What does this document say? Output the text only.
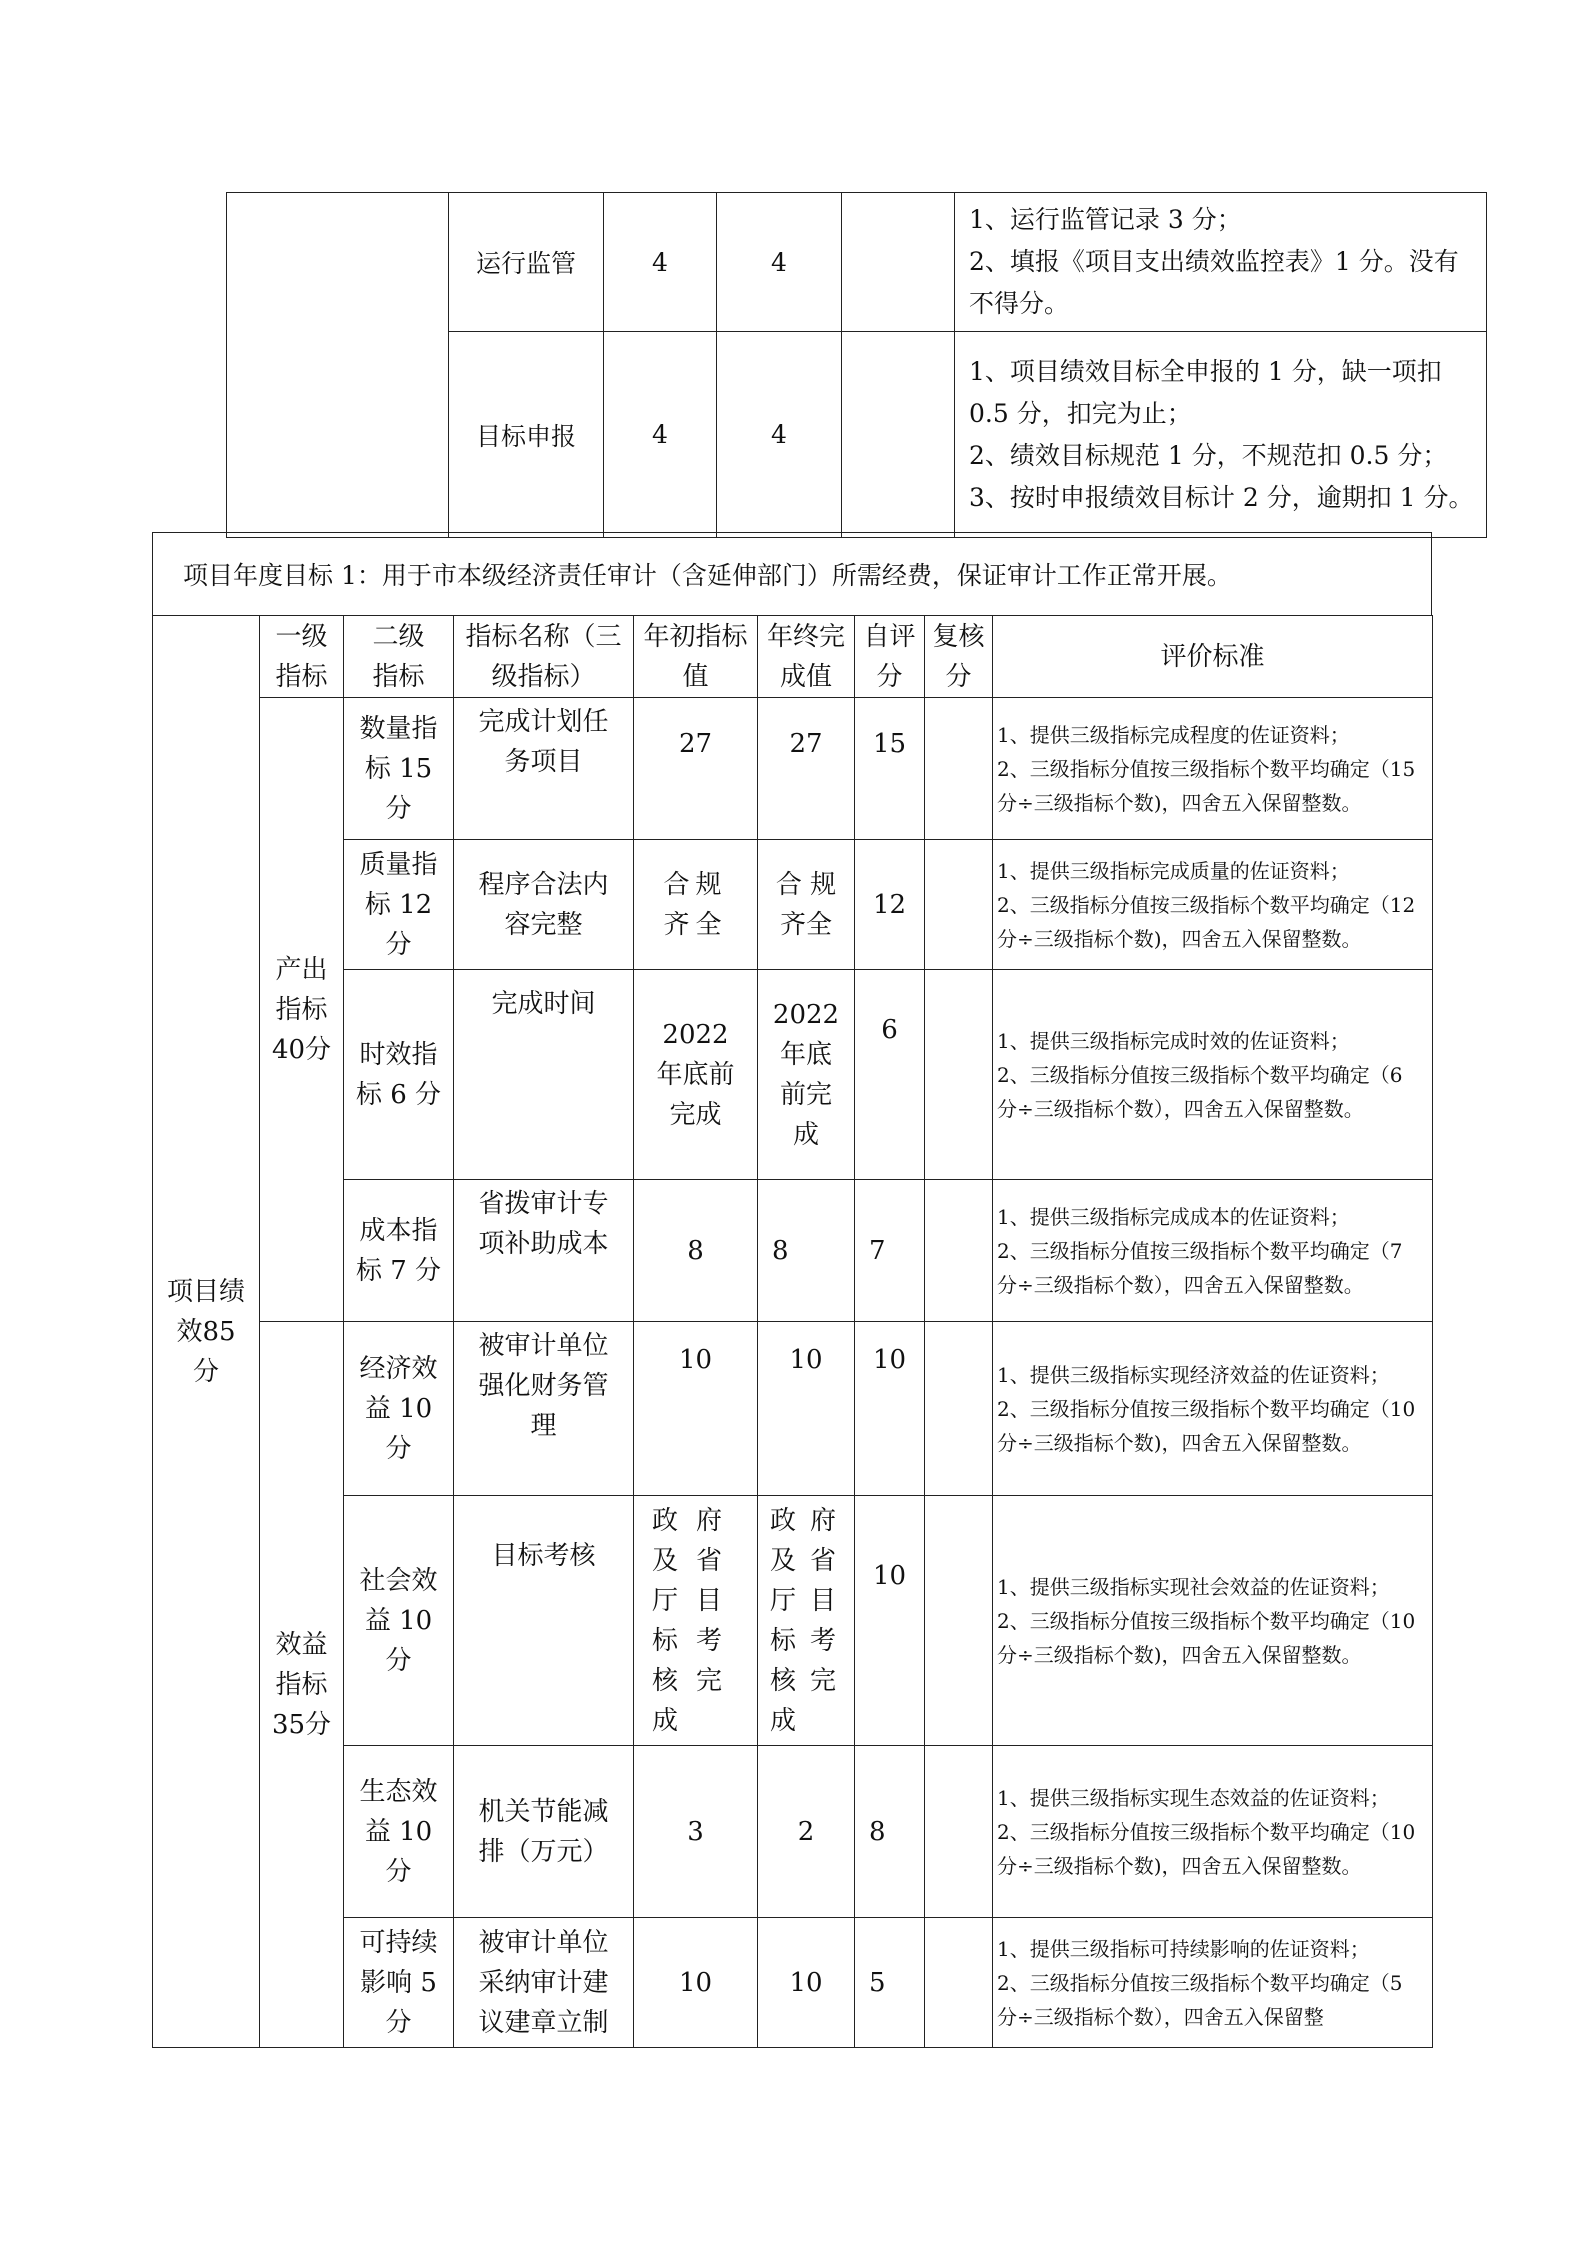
	运行监管	4	4		1、运行监管记录 3 分；
2、填报《项目支出绩效监控表》1 分。没有不得分。

	目标申报	4	4		1、项目绩效目标全申报的 1 分，缺一项扣 0.5 分，扣完为止；
2、绩效目标规范 1 分，不规范扣 0.5 分；
3、按时申报绩效目标计 2 分，逾期扣 1 分。
项目年度目标 1：用于市本级经济责任审计（含延伸部门）所需经费，保证审计工作正常开展。
项目绩效85分	一级指标	二级指标	指标名称（三级指标）	年初指标值	年终完成值	自评分	复核分	评价标准
	产出指标40分	数量指标 15 分	完成计划任务项目	27	27	15		1、提供三级指标完成程度的佐证资料；
2、三级指标分值按三级指标个数平均确定（15 分÷三级指标个数)，四舍五入保留整数。

		质量指标 12 分	程序合法内容完整	合规齐全	合 规 齐全	12		1、提供三级指标完成质量的佐证资料；
2、三级指标分值按三级指标个数平均确定（12 分÷三级指标个数)，四舍五入保留整数。

		时效指标 6 分	完成时间	2022 年底前完成	2022 年底前完成	6		1、提供三级指标完成时效的佐证资料；
2、三级指标分值按三级指标个数平均确定（6 分÷三级指标个数），四舍五入保留整数。

		成本指标 7 分	省拨审计专项补助成本	8	8	7		1、提供三级指标完成成本的佐证资料；
2、三级指标分值按三级指标个数平均确定（7 分÷三级指标个数），四舍五入保留整数。

	效益指标35分	经济效益 10 分	被审计单位强化财务管理	10	10	10		1、提供三级指标实现经济效益的佐证资料；
2、三级指标分值按三级指标个数平均确定（10 分÷三级指标个数)，四舍五入保留整数。

		社会效益 10 分	目标考核	政府及省厅目标考核完成	政府及省厅目标考核完成	10		1、提供三级指标实现社会效益的佐证资料；
2、三级指标分值按三级指标个数平均确定（10 分÷三级指标个数)，四舍五入保留整数。

		生态效益 10 分	机关节能减排（万元）	3	2	8		1、提供三级指标实现生态效益的佐证资料；
2、三级指标分值按三级指标个数平均确定（10 分÷三级指标个数)，四舍五入保留整数。

		可持续影响 5 分	被审计单位采纳审计建议建章立制	10	10	5		1、提供三级指标可持续影响的佐证资料；
2、三级指标分值按三级指标个数平均确定（5 分÷三级指标个数），四舍五入保留整
